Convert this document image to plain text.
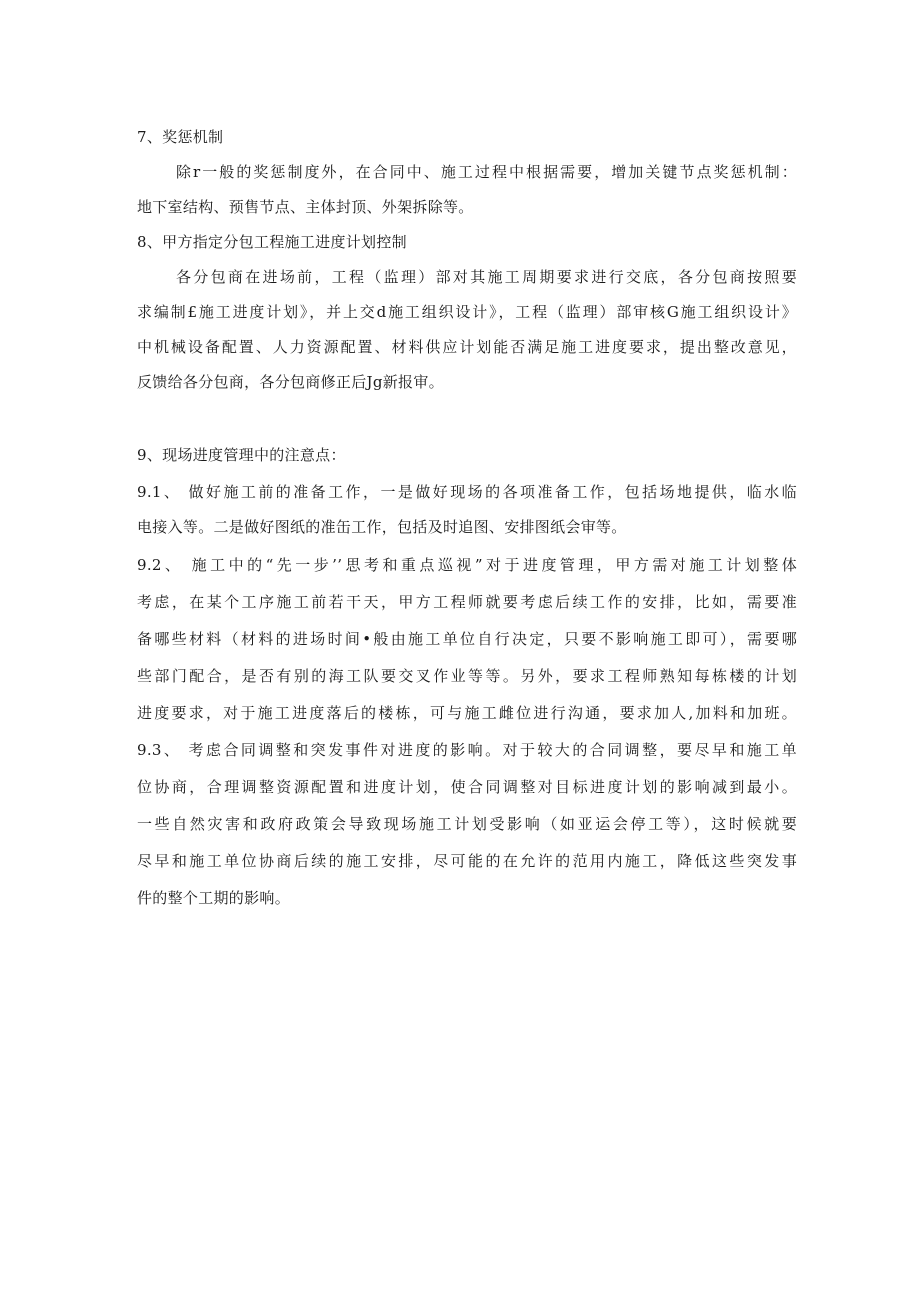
7、奖惩机制
除r一般的奖惩制度外，在合同中、施工过程中根据需要，增加关键节点奖惩机制：
地下室结构、预售节点、主体封顶、外架拆除等。
8、甲方指定分包工程施工进度计划控制
各分包商在进场前，工程（监理）部对其施工周期要求进行交底，各分包商按照要
求编制£施工进度计划》，并上交d施工组织设计》，工程（监理）部审核G施工组织设计》
中机械设备配置、人力资源配置、材料供应计划能否满足施工进度要求，提出整改意见，
反馈给各分包商，各分包商修正后Jg新报审。
9、现场进度管理中的注意点：
9.1、 做好施工前的准备工作，一是做好现场的各项准备工作，包括场地提供，临水临
电接入等。二是做好图纸的准缶工作，包括及时追图、安排图纸会审等。
9.2、 施工中的“先一步’’思考和重点巡视”对于进度管理，甲方需对施工计划整体
考虑，在某个工序施工前若干天，甲方工程师就要考虑后续工作的安排，比如，需要准
备哪些材料（材料的进场时间•般由施工单位自行决定，只要不影响施工即可），需要哪
些部门配合，是否有别的海工队要交叉作业等等。另外，要求工程师熟知每栋楼的计划
进度要求，对于施工进度落后的楼栋，可与施工雌位进行沟通，要求加人,加料和加班。
9.3、 考虑合同调整和突发事件对进度的影响。对于较大的合同调整，要尽早和施工单
位协商，合理调整资源配置和进度计划，使合同调整对目标进度计划的影响减到最小。
一些自然灾害和政府政策会导致现场施工计划受影响（如亚运会停工等），这时候就要
尽早和施工单位协商后续的施工安排，尽可能的在允许的范用内施工，降低这些突发事
件的整个工期的影响。
